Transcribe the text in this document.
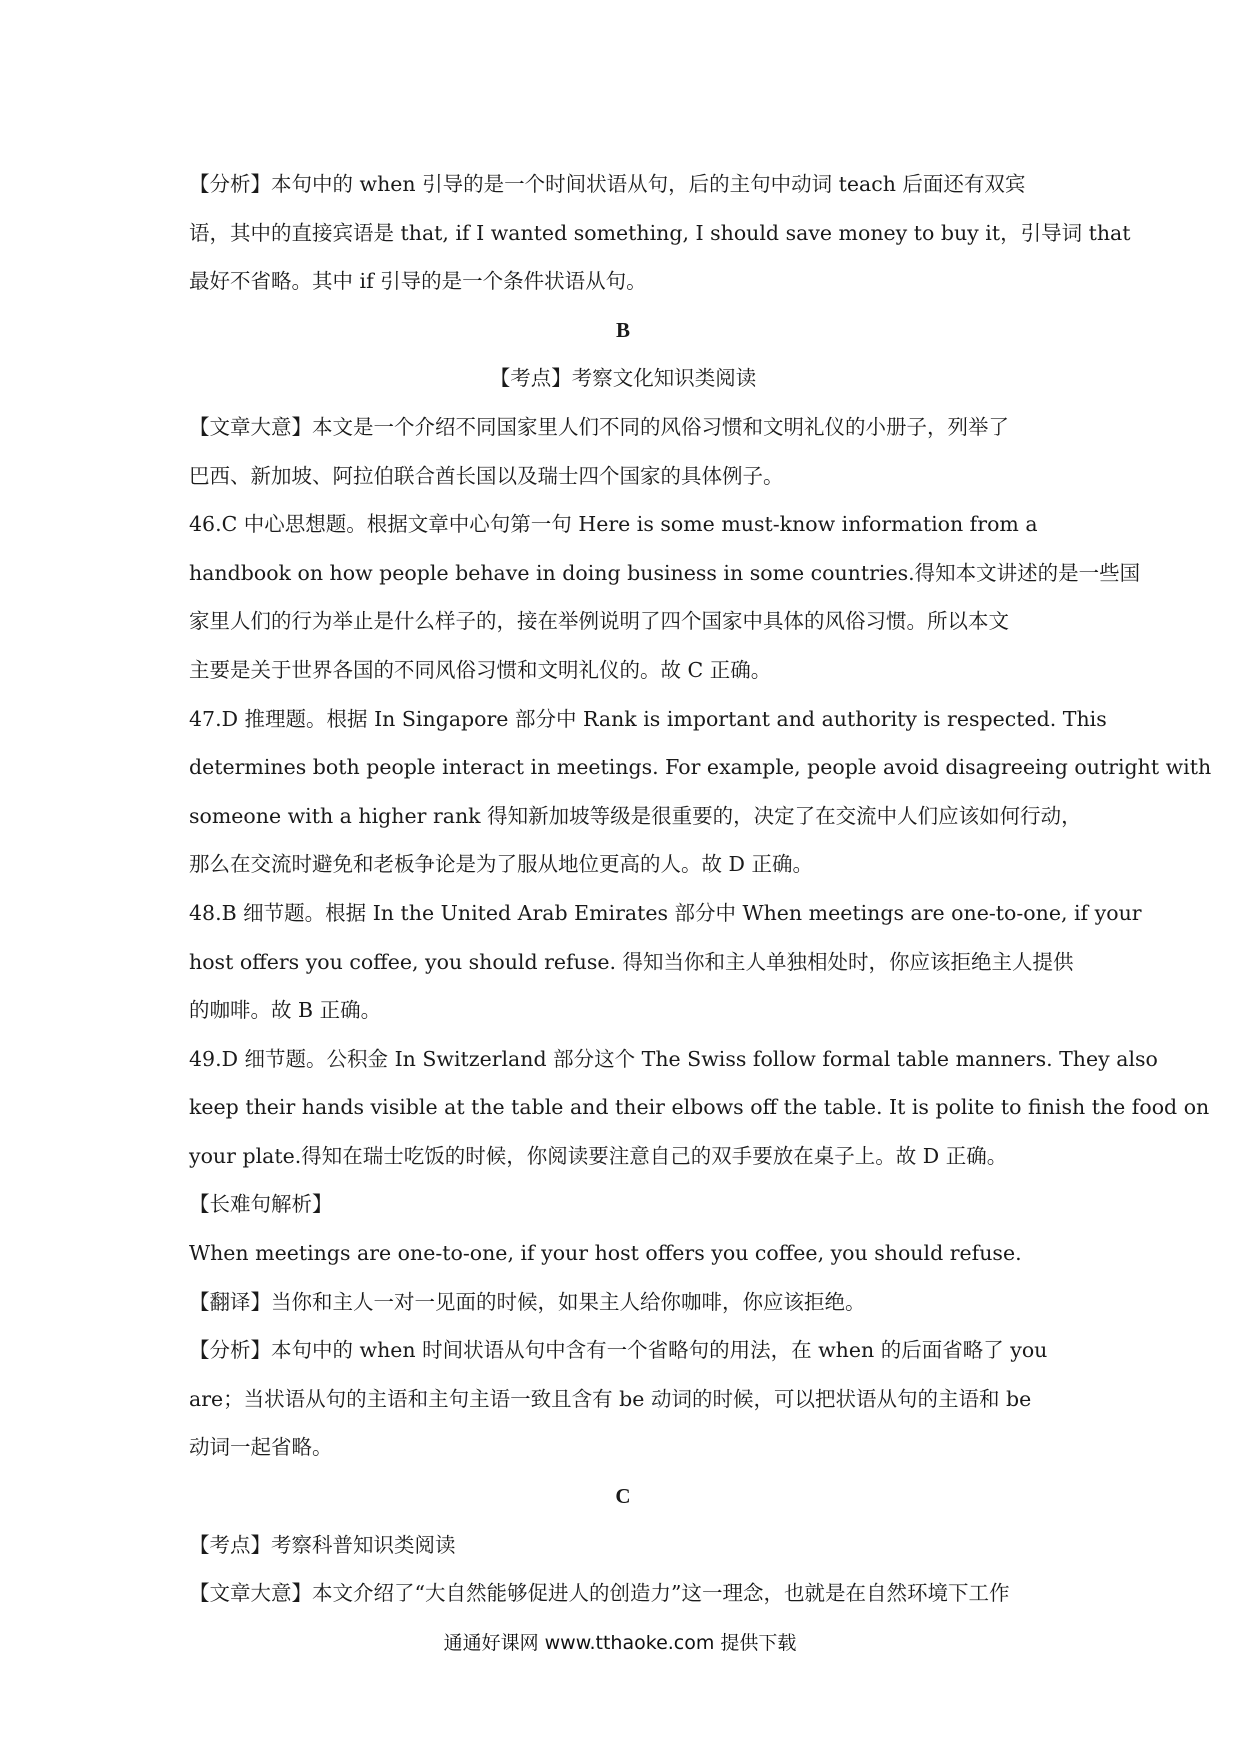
【分析】本句中的 when 引导的是一个时间状语从句，后的主句中动词 teach 后面还有双宾
语，其中的直接宾语是 that, if I wanted something, I should save money to buy it，引导词 that
最好不省略。其中 if 引导的是一个条件状语从句。
B
【考点】考察文化知识类阅读
【文章大意】本文是一个介绍不同国家里人们不同的风俗习惯和文明礼仪的小册子，列举了
巴西、新加坡、阿拉伯联合酋长国以及瑞士四个国家的具体例子。
46.C 中心思想题。根据文章中心句第一句 Here is some must-know information from a
handbook on how people behave in doing business in some countries.得知本文讲述的是一些国
家里人们的行为举止是什么样子的，接在举例说明了四个国家中具体的风俗习惯。所以本文
主要是关于世界各国的不同风俗习惯和文明礼仪的。故 C 正确。
47.D 推理题。根据 In Singapore 部分中 Rank is important and authority is respected. This
determines both people interact in meetings. For example, people avoid disagreeing outright with
someone with a higher rank 得知新加坡等级是很重要的，决定了在交流中人们应该如何行动，
那么在交流时避免和老板争论是为了服从地位更高的人。故 D 正确。
48.B 细节题。根据 In the United Arab Emirates 部分中 When meetings are one-to-one, if your
host offers you coffee, you should refuse. 得知当你和主人单独相处时，你应该拒绝主人提供
的咖啡。故 B 正确。
49.D 细节题。公积金 In Switzerland 部分这个 The Swiss follow formal table manners. They also
keep their hands visible at the table and their elbows off the table. It is polite to finish the food on
your plate.得知在瑞士吃饭的时候，你阅读要注意自己的双手要放在桌子上。故 D 正确。
【长难句解析】
When meetings are one-to-one, if your host offers you coffee, you should refuse.
【翻译】当你和主人一对一见面的时候，如果主人给你咖啡，你应该拒绝。
【分析】本句中的 when 时间状语从句中含有一个省略句的用法，在 when 的后面省略了 you
are；当状语从句的主语和主句主语一致且含有 be 动词的时候，可以把状语从句的主语和 be
动词一起省略。
C
【考点】考察科普知识类阅读
【文章大意】本文介绍了“大自然能够促进人的创造力”这一理念，也就是在自然环境下工作
通通好课网 www.tthaoke.com 提供下载
